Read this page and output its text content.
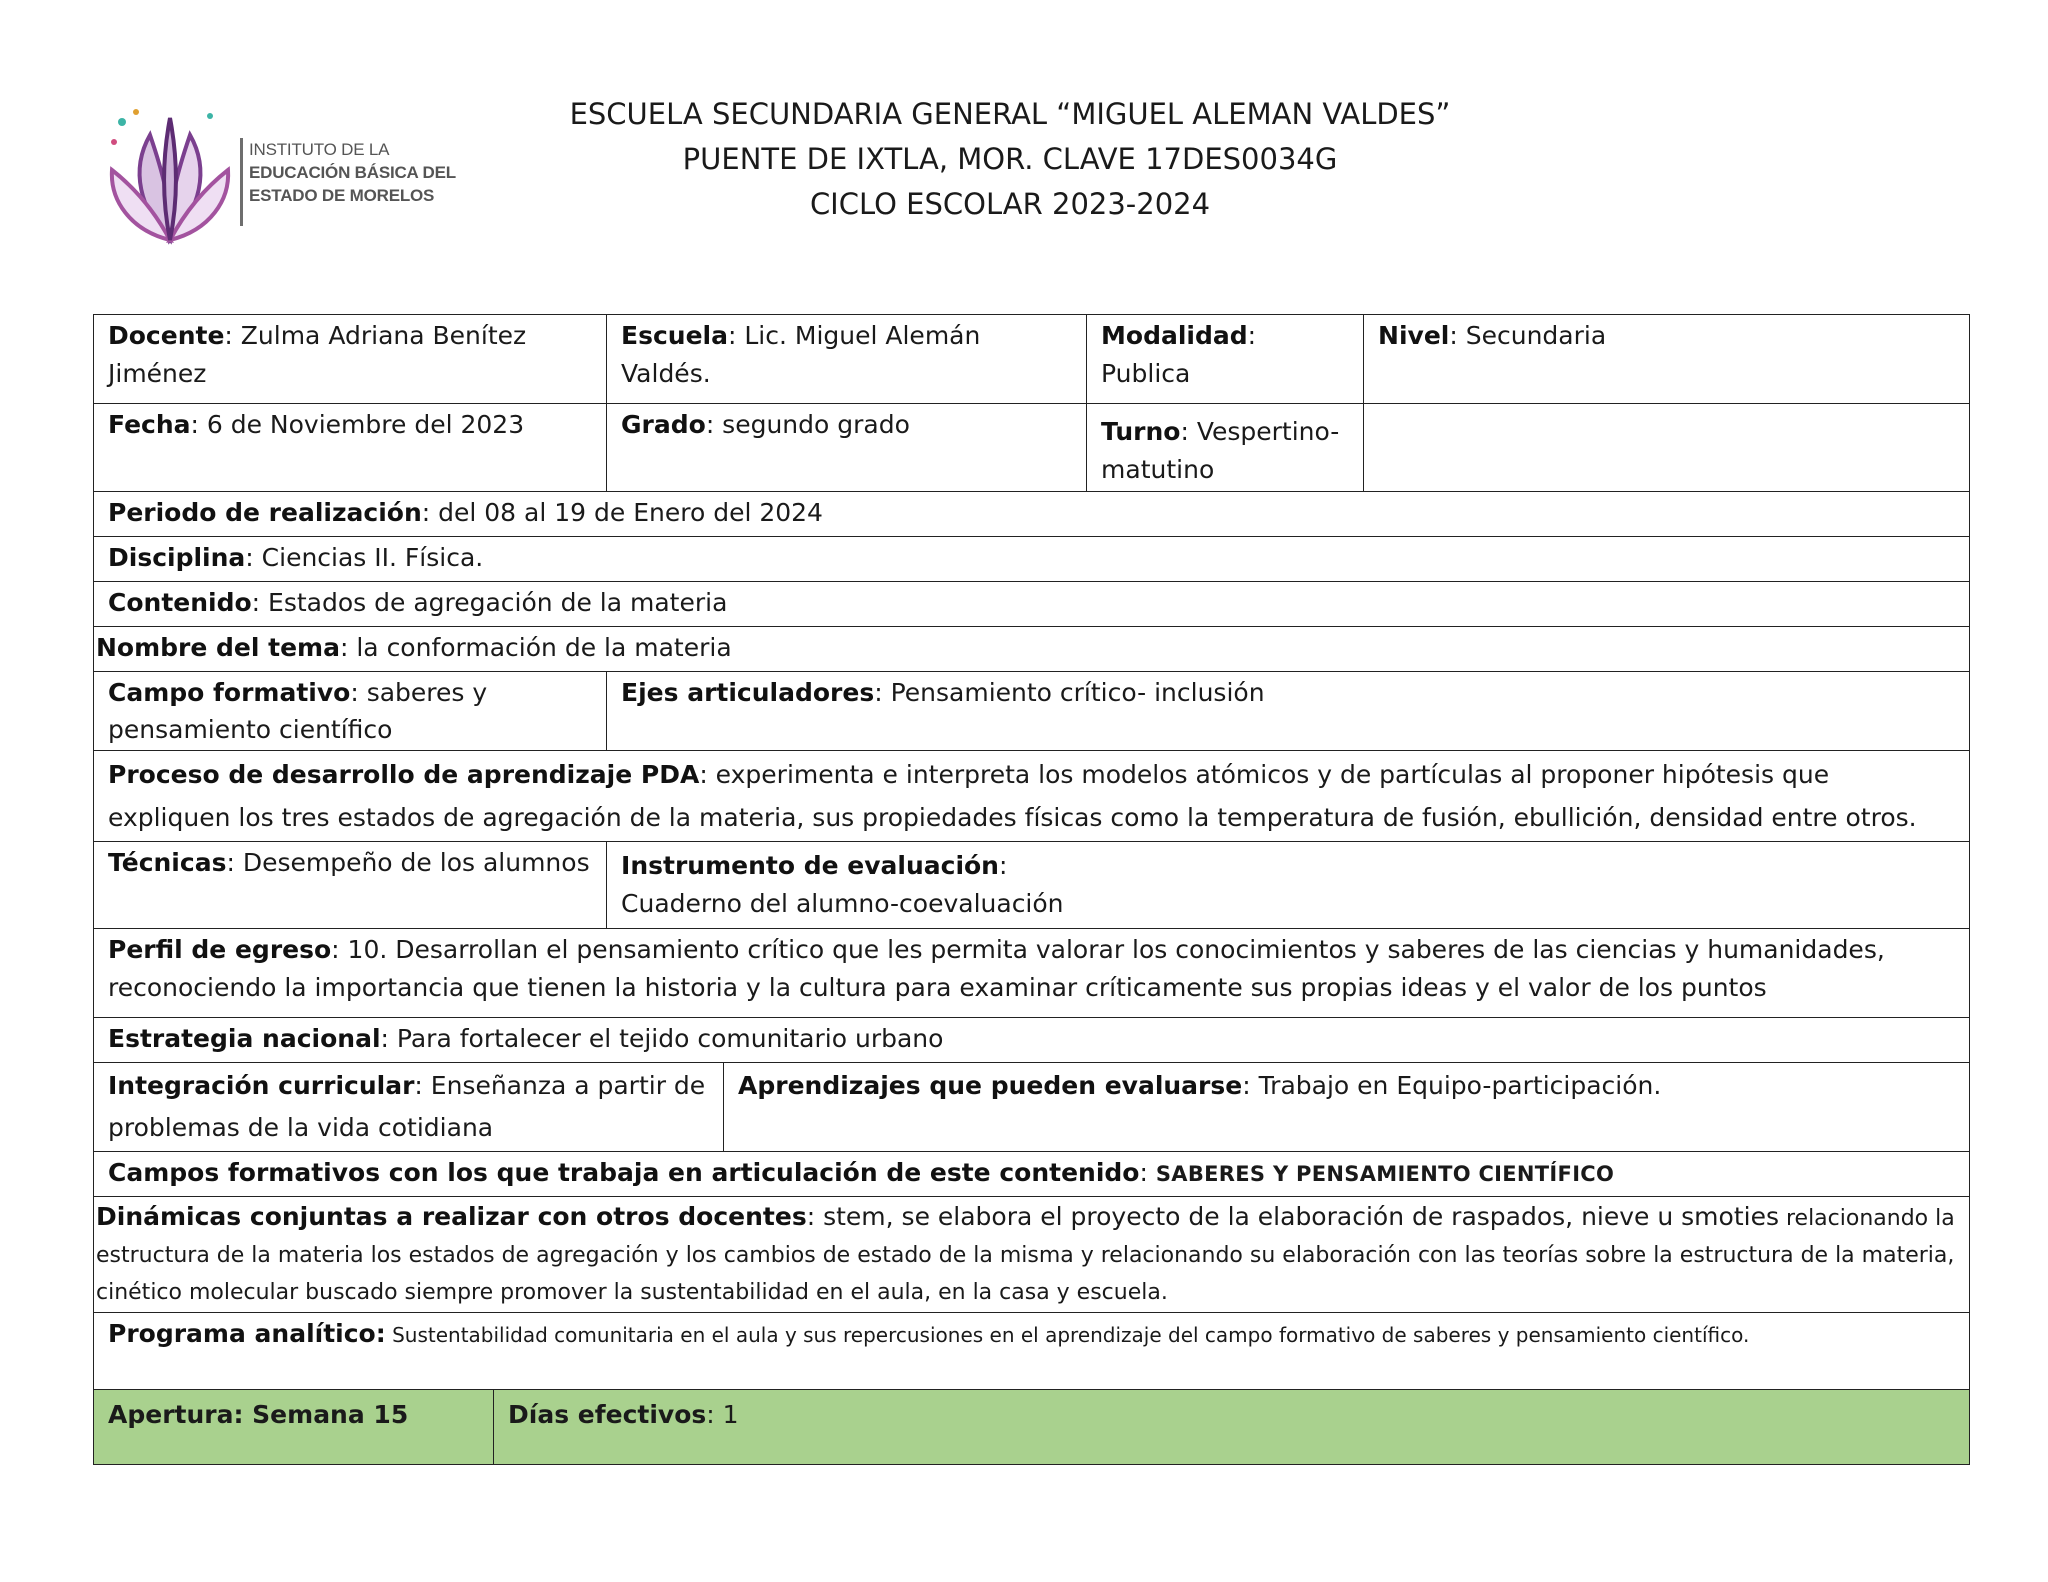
INSTITUTO DE LA
EDUCACIÓN BÁSICA DEL
ESTADO DE MORELOS
ESCUELA SECUNDARIA GENERAL “MIGUEL ALEMAN VALDES”
PUENTE DE IXTLA, MOR. CLAVE 17DES0034G
CICLO ESCOLAR 2023-2024
Docente: Zulma Adriana Benítez Jiménez	Escuela: Lic. Miguel Alemán Valdés.		Modalidad: Publica	Nivel: Secundaria
Fecha: 6 de Noviembre del 2023	Grado: segundo grado		Turno: Vespertino- matutino	
Periodo de realización: del 08 al 19 de Enero del 2024				
Disciplina: Ciencias II. Física.				
Contenido: Estados de agregación de la materia				
Nombre del tema: la conformación de la materia				
Campo formativo: saberes y pensamiento científico	Ejes articuladores: Pensamiento crítico- inclusión			
Proceso de desarrollo de aprendizaje PDA: experimenta e interpreta los modelos atómicos y de partículas al proponer hipótesis que expliquen los tres estados de agregación de la materia, sus propiedades físicas como la temperatura de fusión, ebullición, densidad entre otros.				
Técnicas: Desempeño de los alumnos	Instrumento de evaluación:
Cuaderno del alumno-coevaluación			
Perfil de egreso: 10. Desarrollan el pensamiento crítico que les permita valorar los conocimientos y saberes de las ciencias y humanidades, reconociendo la importancia que tienen la historia y la cultura para examinar críticamente sus propias ideas y el valor de los puntos				
Estrategia nacional: Para fortalecer el tejido comunitario urbano				
Integración curricular: Enseñanza a partir de problemas de la vida cotidiana		Aprendizajes que pueden evaluarse: Trabajo en Equipo-participación.		
Campos formativos con los que trabaja en articulación de este contenido: SABERES Y PENSAMIENTO CIENTÍFICO				
Dinámicas conjuntas a realizar con otros docentes: stem, se elabora el proyecto de la elaboración de raspados, nieve u smoties relacionando la estructura de la materia los estados de agregación y los cambios de estado de la misma y relacionando su elaboración con las teorías sobre la estructura de la materia, cinético molecular buscado siempre promover la sustentabilidad en el aula, en la casa y escuela.				
Programa analítico: Sustentabilidad comunitaria en el aula y sus repercusiones en el aprendizaje del campo formativo de saberes y pensamiento científico.				
Apertura: Semana 15	Días efectivos: 1
